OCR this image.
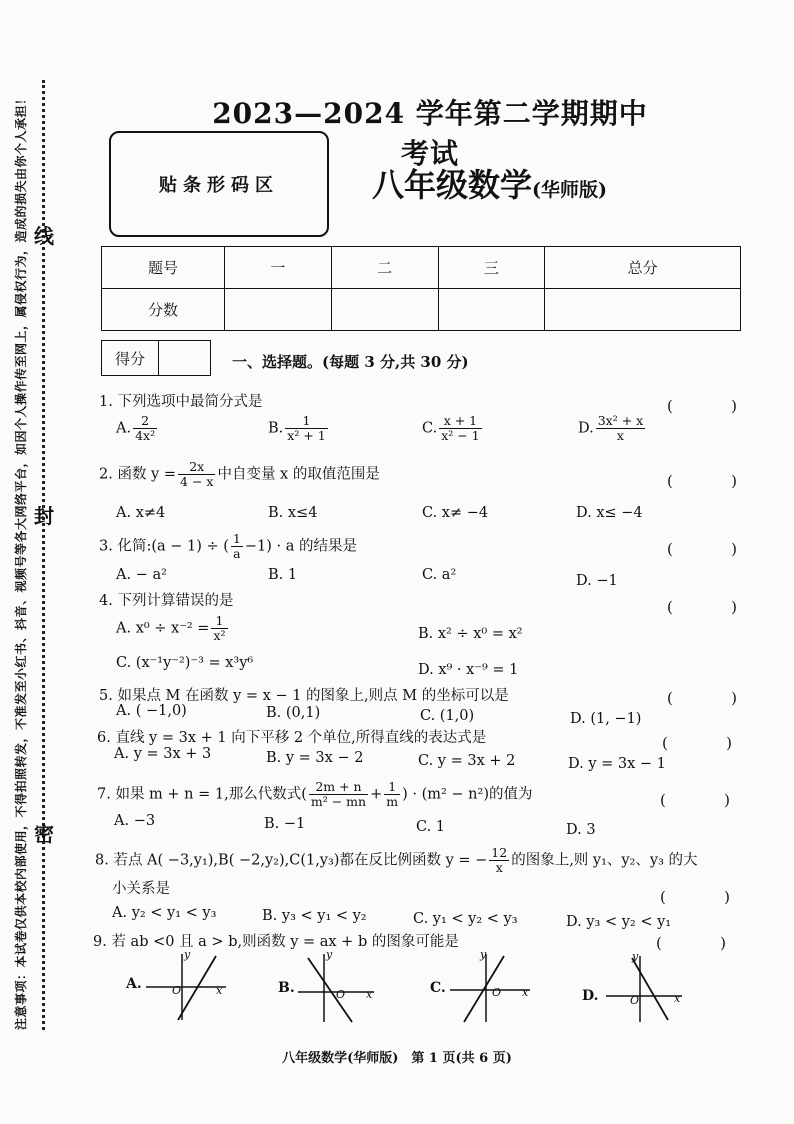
注意事项：本试卷仅供本校内部使用，不得拍照转发，不准发至小红书、抖音、视频号等各大网络平台，如因个人操作传至网上，属侵权行为，造成的损失由你个人承担！ 线
封
密
2023—2024 学年第二学期期中考试
贴条形码区	八年级数学(华师版)
题号	一	二	三	总分
分数				
得分	一、选择题。(每题 3 分,共 30 分)
1. 下列选项中最简分式是	(	)
A. $\frac{2}{\text{4x²}}$	B. $\frac{1}{\text{x² + 1}}$	C. $\frac{x + 1}{\text{x² − 1}}$	D. $\frac{\text{3x² + x}}{x}$
2. 函数 $y = \frac{2x}{4 - x}$ 中自变量 x 的取值范围是	(	)
A. x≠4	B. x≤4	C. x≠ −4	D. x≤ −4
3. 化简:(a − 1) ÷ ( $\frac{1}{a} -1) \cdot a$ 的结果是	(	)
A. − a²	B. 1	C. a²	D. −1
4. 下列计算错误的是	(	)
A. $x^0 \div x^{-2} = \frac{1}{\text{x²}}$	B. x² ÷ x⁰ = x²
C. (x⁻¹y⁻²)⁻³ = x³y⁶	D. x⁹ · x⁻⁹ = 1
5. 如果点 M 在函数 y = x − 1 的图象上,则点 M 的坐标可以是	(	)
A. ( −1,0)	B. (0,1)	C. (1,0)	D. (1, −1)
6. 直线 y = 3x + 1 向下平移 2 个单位,所得直线的表达式是	(	)
A. y = 3x + 3	B. y = 3x − 2	C. y = 3x + 2	D. y = 3x − 1
7. 如果 m + n = 1,那么代数式( $\frac{2m + n}{\text{m² − mn}} + \frac{1}{m}$ ) · (m² − n²)的值为	(	)
A. −3	B. −1	C. 1	D. 3
8. 若点 A( −3,y₁),B( −2,y₂),C(1,y₃)都在反比例函数 y = − $\frac{12}{x}$ 的图象上,则 y₁、y₂、y₃ 的大
小关系是	(	)
A. y₂ < y₁ < y₃	B. y₃ < y₁ < y₂	C. y₁ < y₂ < y₃	D. y₃ < y₂ < y₁
9. 若 ab <0 且 a > b,则函数 y = ax + b 的图象可能是	(	)
A.
y
x
O	B.
y
x
O	C.
y
x
O	D.
y
x
O
八年级数学(华师版)　第 1 页(共 6 页)
